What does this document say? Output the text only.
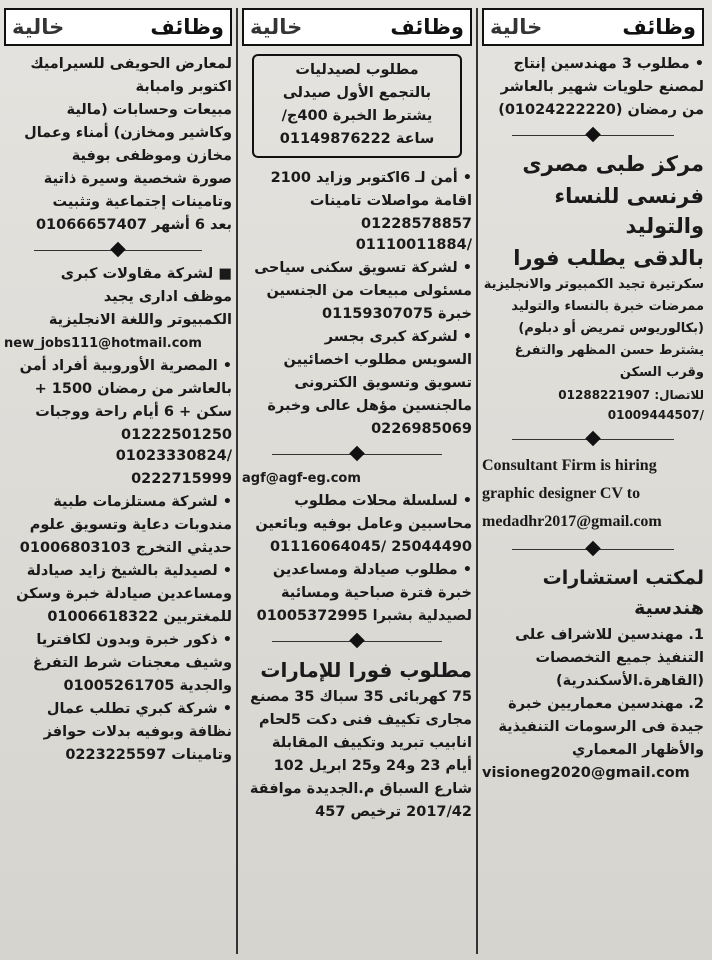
وظائف
خالية
• مطلوب 3 مهندسين إنتاج
لمصنع حلويات شهير بالعاشر
من رمضان (01024222220)
مركز طبى مصرى
فرنسى للنساء والتوليد
بالدقى يطلب فورا
سكرتيرة تجيد الكمبيوتر والانجليزية
ممرضات خبرة بالنساء والتوليد
(بكالوريوس تمريض أو دبلوم)
يشترط حسن المظهر والتفرغ
وقرب السكن
للاتصال: 01288221907 /01009444507
Consultant Firm is hiring
graphic designer CV to
medadhr2017@gmail.com
لمكتب استشارات هندسية
1. مهندسين للاشراف على
التنفيذ جميع التخصصات
(القاهرة.الأسكندرية)
2. مهندسين معماريين خبرة
جيدة فى الرسومات التنفيذية
والأظهار المعماري
visioneg2020@gmail.com
وظائف
خالية
مطلوب لصيدليات
بالتجمع الأول صيدلى
يشترط الخبرة 400ج/
ساعة 01149876222
• أمن لـ 6اكتوبر وزايد 2100
اقامة مواصلات تامينات
01228578857 /01110011884
• لشركة تسويق سكنى سياحى
مسئولى مبيعات من الجنسين
خبرة 01159307075
• لشركة كبرى بجسر
السويس مطلوب اخصائيين
تسويق وتسويق الكترونى
مالجنسين مؤهل عالى وخبرة
0226985069
agf@agf-eg.com
• لسلسلة محلات مطلوب
محاسبين وعامل بوفيه وبائعين
25044490 /01116064045
• مطلوب صيادلة ومساعدين
خبرة فترة صباحية ومسائية
لصيدلية بشبرا 01005372995
مطلوب فورا للإمارات
75 كهربائى 35 سباك 35 مصنع
مجارى تكييف فنى دكت 5لحام
انابيب تبريد وتكييف المقابلة
أيام 23 و24 و25 ابريل 102
شارع السباق م.الجديدة موافقة
2017/42 ترخيص 457
وظائف
خالية
لمعارض الحويفى للسيراميك
اكتوبر وامبابة
مبيعات وحسابات (مالية
وكاشير ومخازن) أمناء وعمال
مخازن وموظفى بوفية
صورة شخصية وسيرة ذاتية
وتامينات إجتماعية وتثبيت
بعد 6 أشهر 01066657407
■ لشركة مقاولات كبرى
موظف ادارى يجيد
الكمبيوتر واللغة الانجليزية
new_jobs111@hotmail.com
• المصرية الأوروبية أفراد أمن
بالعاشر من رمضان 1500 +
سكن + 6 أيام راحة ووجبات
01222501250 /01023330824
0222715999
• لشركة مستلزمات طبية
مندوبات دعاية وتسويق علوم
حديثي التخرج 01006803103
• لصيدلية بالشيخ زايد صيادلة
ومساعدين صيادلة خبرة وسكن
للمغتربين 01006618322
• ذكور خبرة وبدون لكافتريا
وشيف معجنات شرط التفرغ
والجدية 01005261705
• شركة كبري تطلب عمال
نظافة وبوفيه بدلات حوافز
وتامينات 0223225597
